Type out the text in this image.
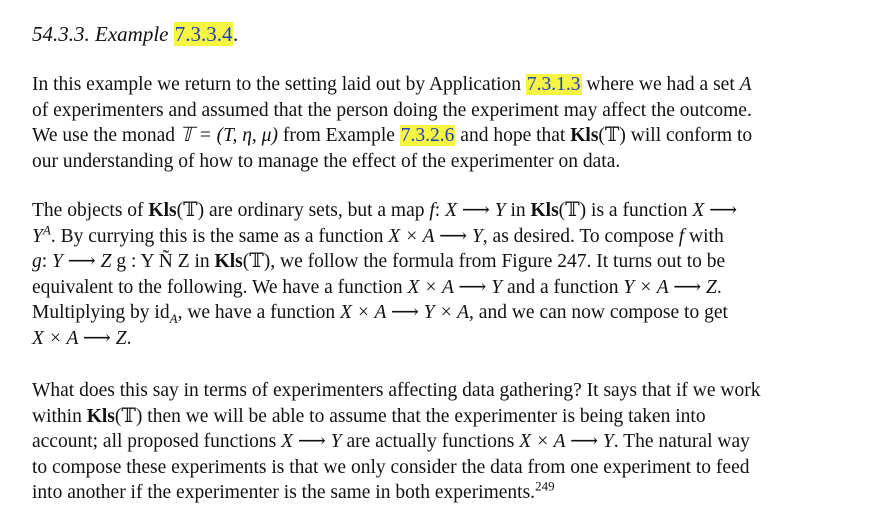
54.3.3. Example 7.3.3.4.
In this example we return to the setting laid out by Application 7.3.1.3 where we had a set A
of experimenters and assumed that the person doing the experiment may affect the outcome.
We use the monad 𝕋 = (T, η, μ) from Example 7.3.2.6 and hope that Kls(𝕋) will conform to
our understanding of how to manage the effect of the experimenter on data.
The objects of Kls(𝕋) are ordinary sets, but a map f: X ⟶ Y in Kls(𝕋) is a function X ⟶
$Y^A$. By currying this is the same as a function X × A ⟶ Y, as desired. To compose f with
g: Y ⟶ Z g : Y Ñ Z in Kls(𝕋), we follow the formula from Figure 247. It turns out to be
equivalent to the following. We have a function X × A ⟶ Y and a function Y × A ⟶ Z.
Multiplying by $id_A$, we have a function X × A ⟶ Y × A, and we can now compose to get
X × A ⟶ Z.
What does this say in terms of experimenters affecting data gathering? It says that if we work
within Kls(𝕋) then we will be able to assume that the experimenter is being taken into
account; all proposed functions X ⟶ Y are actually functions X × A ⟶ Y. The natural way
to compose these experiments is that we only consider the data from one experiment to feed
into another if the experimenter is the same in both experiments.$^{249}$
